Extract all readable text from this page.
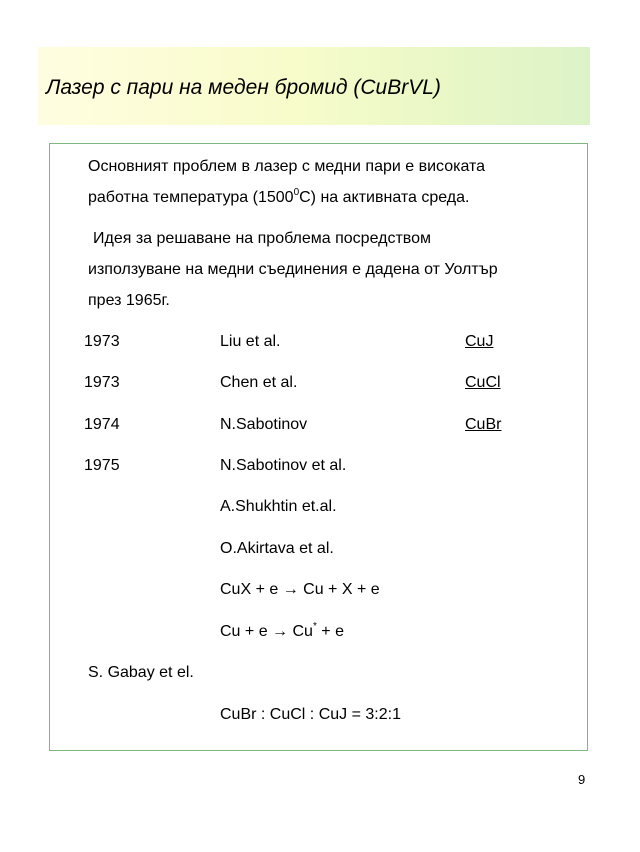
Лазер с пари на меден бромид (CuBrVL)
Основният проблем в лазер с медни пари е високата
работна температура (1500$^0$C) на активната среда.
Идея за решаване на проблема посредством
използуване на медни съединения е дадена от Уолтър
през 1965г.
1973	Liu et al.	CuJ
1973	Chen et al.	CuCl
1974	N.Sabotinov	CuBr
1975	N.Sabotinov et al.
A.Shukhtin et.al.
O.Akirtava et al.
CuX + e → Cu + X + e
Cu + e → Cu* + e
S. Gabay et el.
CuBr : CuCl : CuJ = 3:2:1
9
